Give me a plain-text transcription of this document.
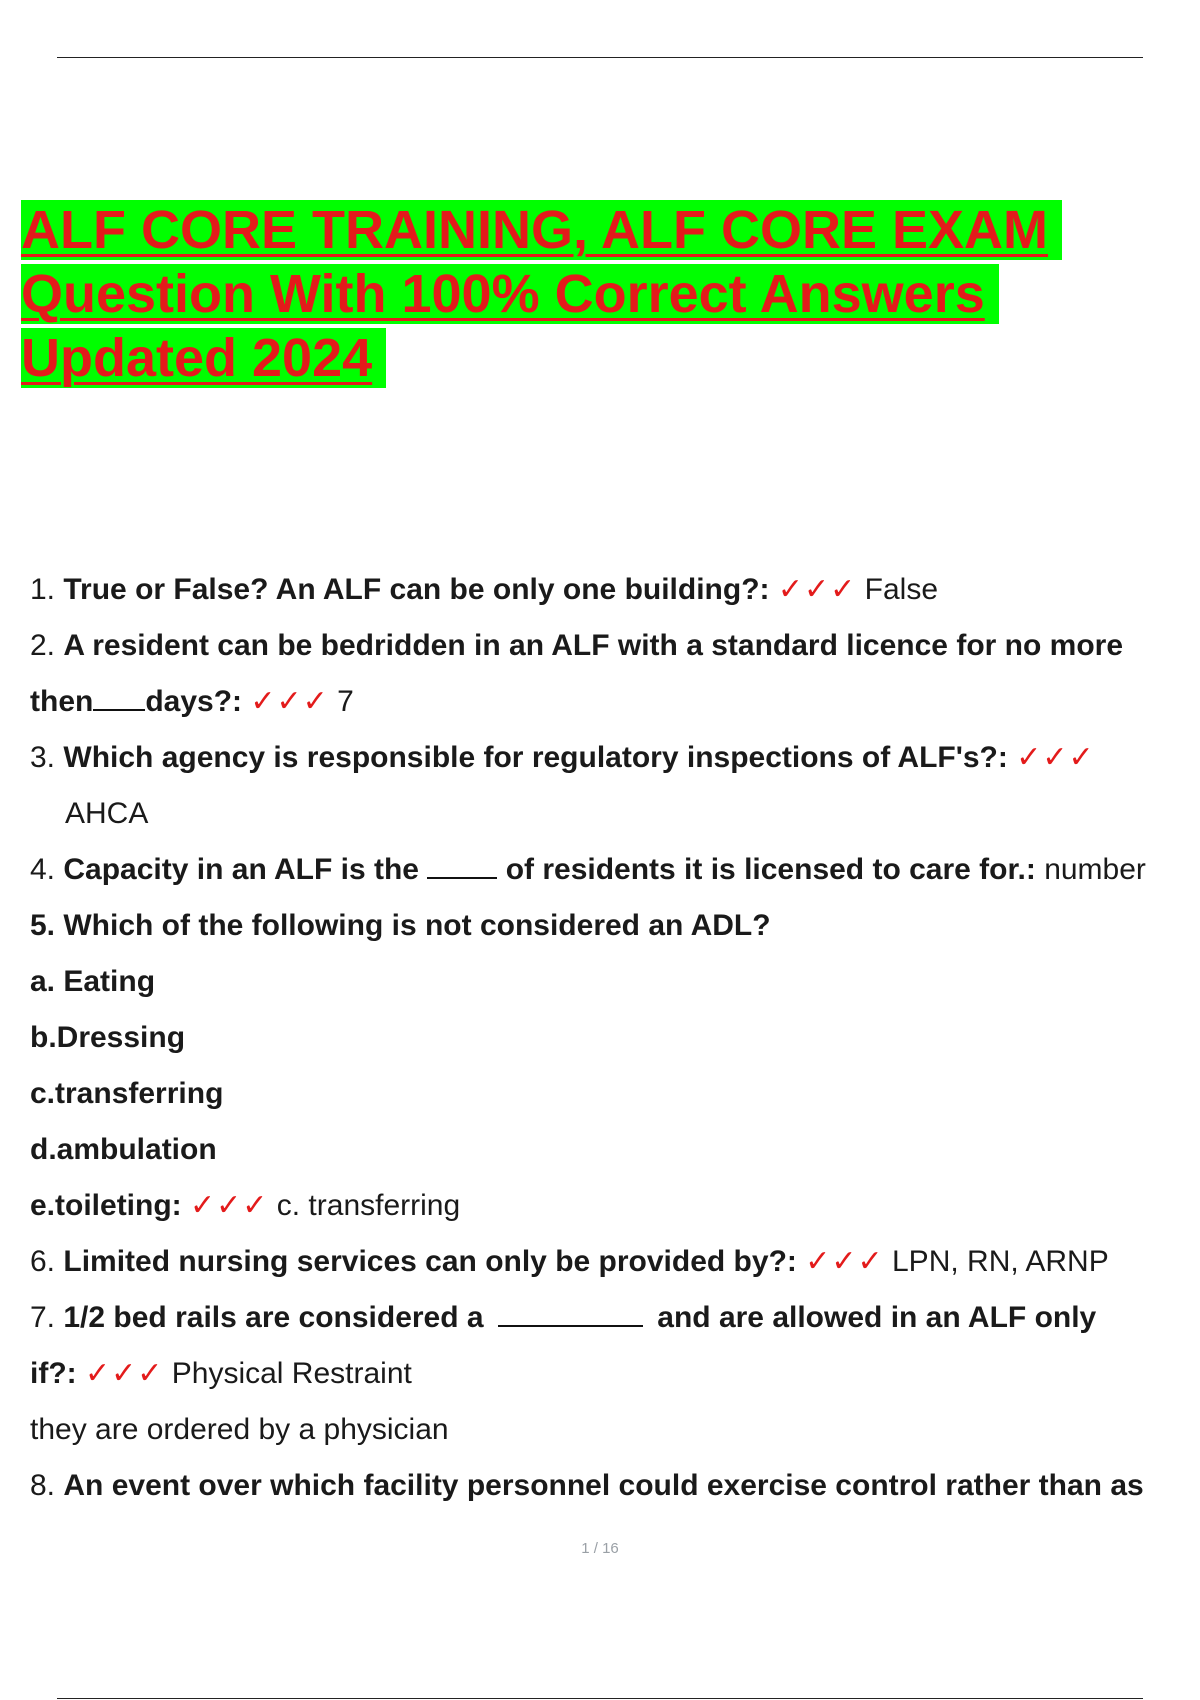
ALF CORE TRAINING, ALF CORE EXAM
Question With 100% Correct Answers
Updated 2024
1. True or False? An ALF can be only one building?: ✓✓✓ False
2. A resident can be bedridden in an ALF with a standard licence for no more
then days?: ✓✓✓ 7
3. Which agency is responsible for regulatory inspections of ALF's?: ✓✓✓
AHCA
4. Capacity in an ALF is the	of residents it is licensed to care for.: number
5. Which of the following is not considered an ADL?
a. Eating
b.Dressing
c.transferring
d.ambulation
e.toileting: ✓✓✓ c. transferring
6. Limited nursing services can only be provided by?: ✓✓✓ LPN, RN, ARNP
7. 1/2 bed rails are considered a	and are allowed in an ALF only
if?: ✓✓✓ Physical Restraint
they are ordered by a physician
8. An event over which facility personnel could exercise control rather than as
1 / 16
